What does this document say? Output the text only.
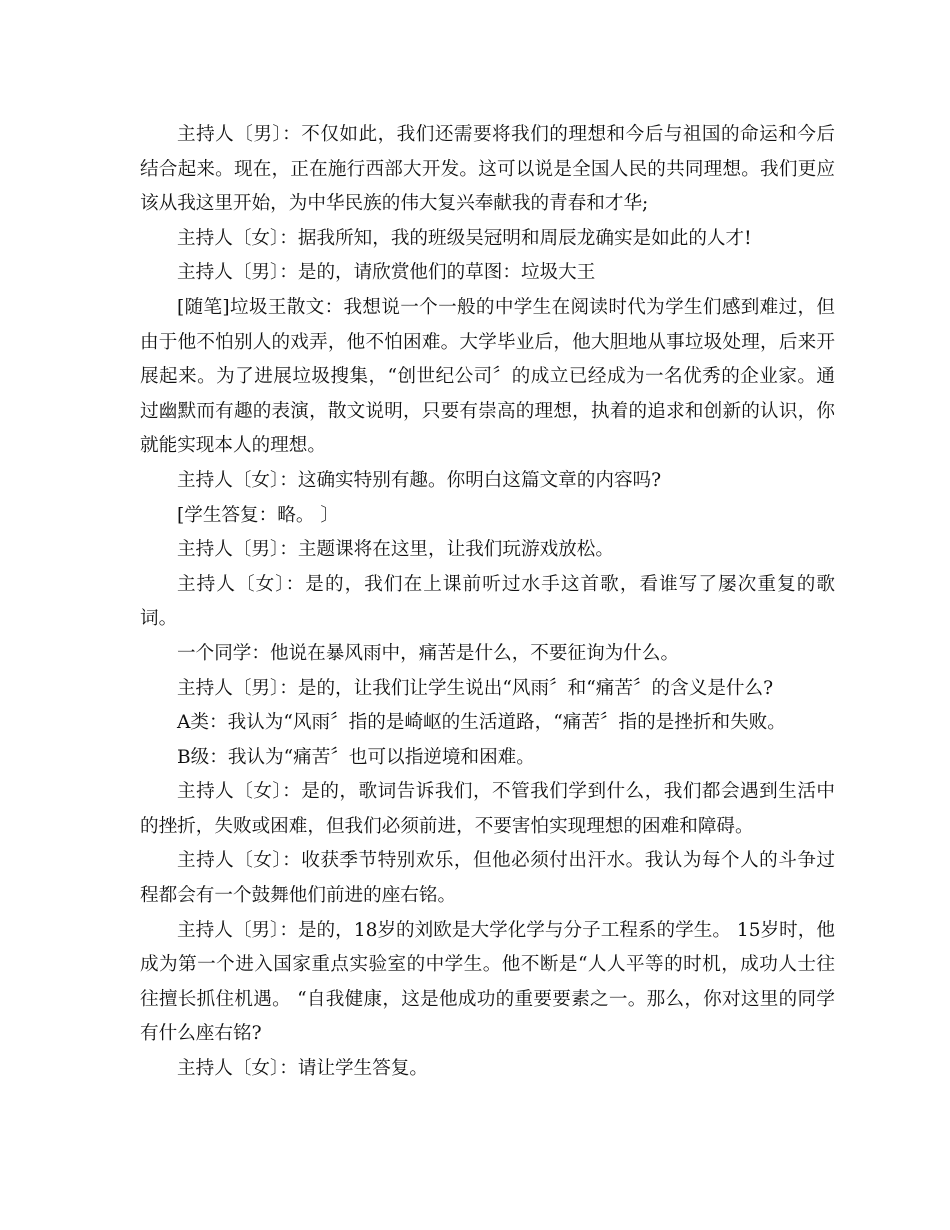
主持人〔男〕：不仅如此，我们还需要将我们的理想和今后与祖国的命运和今后结合起来。现在，正在施行西部大开发。这可以说是全国人民的共同理想。我们更应该从我这里开始，为中华民族的伟大复兴奉献我的青春和才华;

主持人〔女〕：据我所知，我的班级吴冠明和周辰龙确实是如此的人才!

主持人〔男〕：是的，请欣赏他们的草图：垃圾大王

[随笔]垃圾王散文：我想说一个一般的中学生在阅读时代为学生们感到难过，但由于他不怕别人的戏弄，他不怕困难。大学毕业后，他大胆地从事垃圾处理，后来开展起来。为了进展垃圾搜集，“创世纪公司〞的成立已经成为一名优秀的企业家。通过幽默而有趣的表演，散文说明，只要有崇高的理想，执着的追求和创新的认识，你就能实现本人的理想。

主持人〔女〕：这确实特别有趣。你明白这篇文章的内容吗?

[学生答复：略。 〕

主持人〔男〕：主题课将在这里，让我们玩游戏放松。

主持人〔女〕：是的，我们在上课前听过水手这首歌，看谁写了屡次重复的歌词。

一个同学：他说在暴风雨中，痛苦是什么，不要征询为什么。

主持人〔男〕：是的，让我们让学生说出“风雨〞和“痛苦〞的含义是什么?

A类：我认为“风雨〞指的是崎岖的生活道路，“痛苦〞指的是挫折和失败。

B级：我认为“痛苦〞也可以指逆境和困难。

主持人〔女〕：是的，歌词告诉我们，不管我们学到什么，我们都会遇到生活中的挫折，失败或困难，但我们必须前进，不要害怕实现理想的困难和障碍。

主持人〔女〕：收获季节特别欢乐，但他必须付出汗水。我认为每个人的斗争过程都会有一个鼓舞他们前进的座右铭。

主持人〔男〕：是的，18岁的刘欧是大学化学与分子工程系的学生。 15岁时，他成为第一个进入国家重点实验室的中学生。他不断是“人人平等的时机，成功人士往往擅长抓住机遇。 “自我健康，这是他成功的重要要素之一。那么，你对这里的同学有什么座右铭?

主持人〔女〕：请让学生答复。
